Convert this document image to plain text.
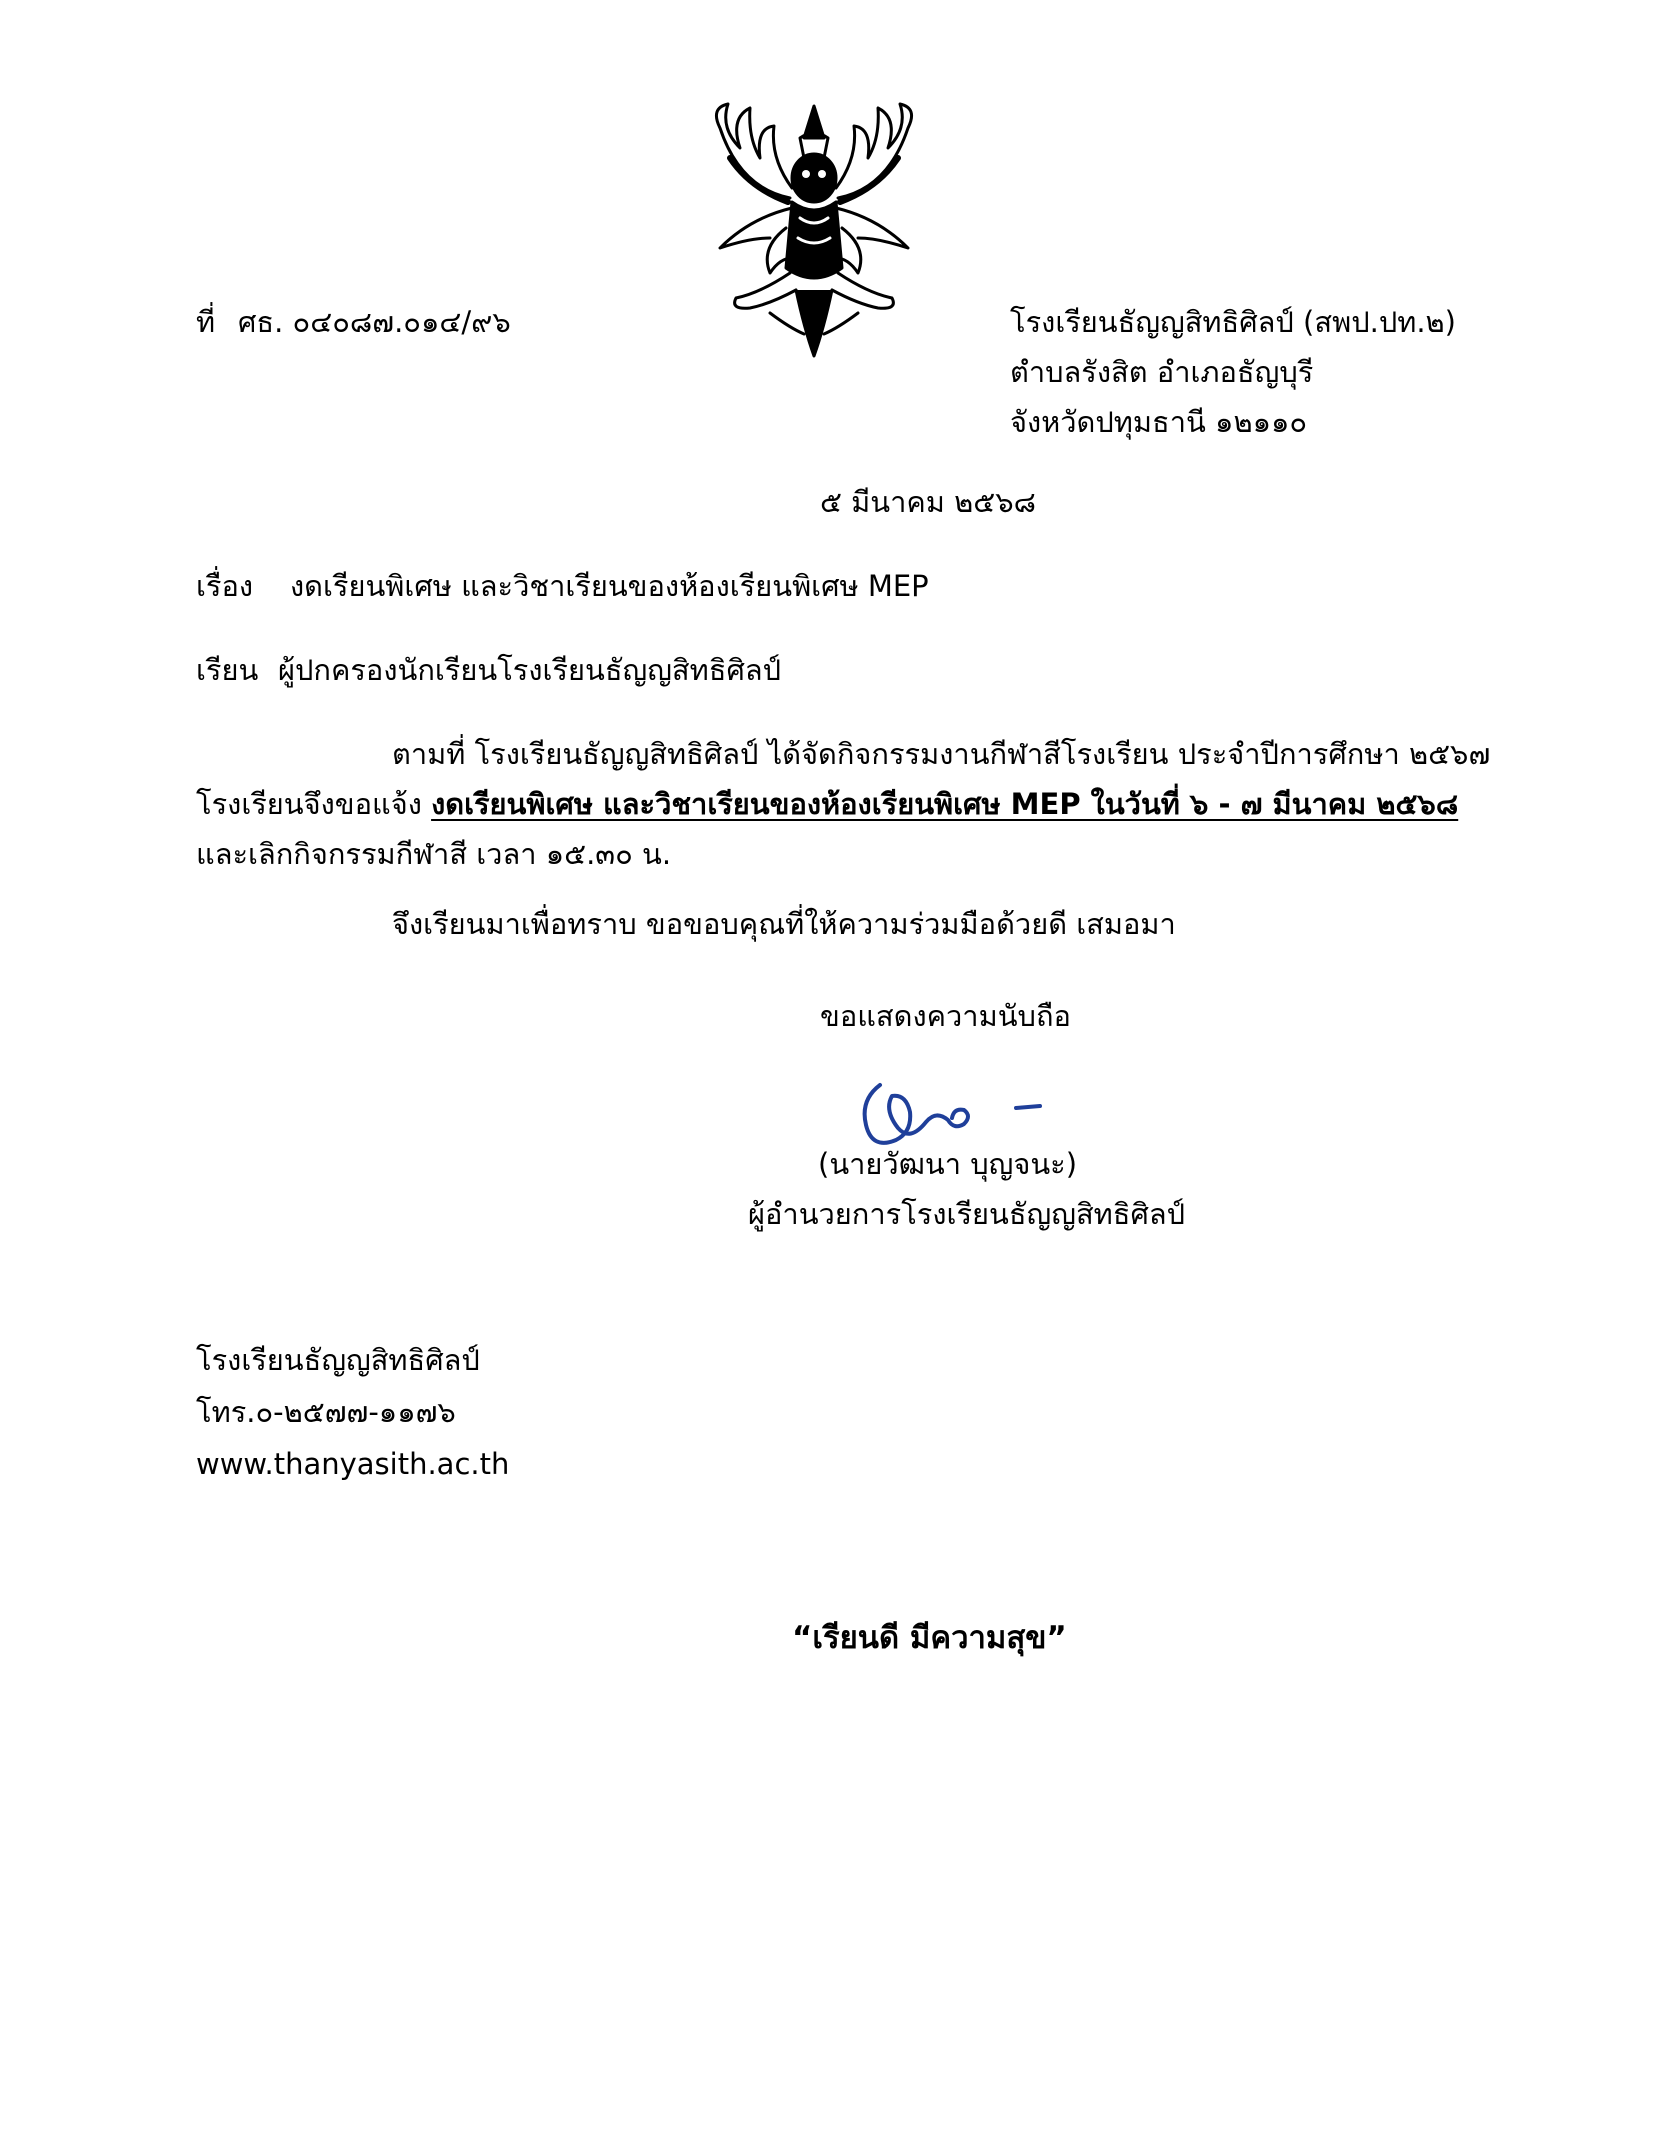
ที่ ศธ. ๐๔๐๘๗.๐๑๔/๙๖	โรงเรียนธัญญสิทธิศิลป์ (สพป.ปท.๒)
ตำบลรังสิต อำเภอธัญบุรี
จังหวัดปทุมธานี ๑๒๑๑๐
๕ มีนาคม ๒๕๖๘
เรื่อง งดเรียนพิเศษ และวิชาเรียนของห้องเรียนพิเศษ MEP
เรียน ผู้ปกครองนักเรียนโรงเรียนธัญญสิทธิศิลป์
ตามที่ โรงเรียนธัญญสิทธิศิลป์ ได้จัดกิจกรรมงานกีฬาสีโรงเรียน ประจำปีการศึกษา ๒๕๖๗
โรงเรียนจึงขอแจ้ง งดเรียนพิเศษ และวิชาเรียนของห้องเรียนพิเศษ MEP ในวันที่ ๖ - ๗ มีนาคม ๒๕๖๘
และเลิกกิจกรรมกีฬาสี เวลา ๑๕.๓๐ น.
จึงเรียนมาเพื่อทราบ ขอขอบคุณที่ให้ความร่วมมือด้วยดี เสมอมา
ขอแสดงความนับถือ
(นายวัฒนา บุญจนะ)
ผู้อำนวยการโรงเรียนธัญญสิทธิศิลป์
โรงเรียนธัญญสิทธิศิลป์
โทร.๐-๒๕๗๗-๑๑๗๖
www.thanyasith.ac.th
“เรียนดี มีความสุข”
